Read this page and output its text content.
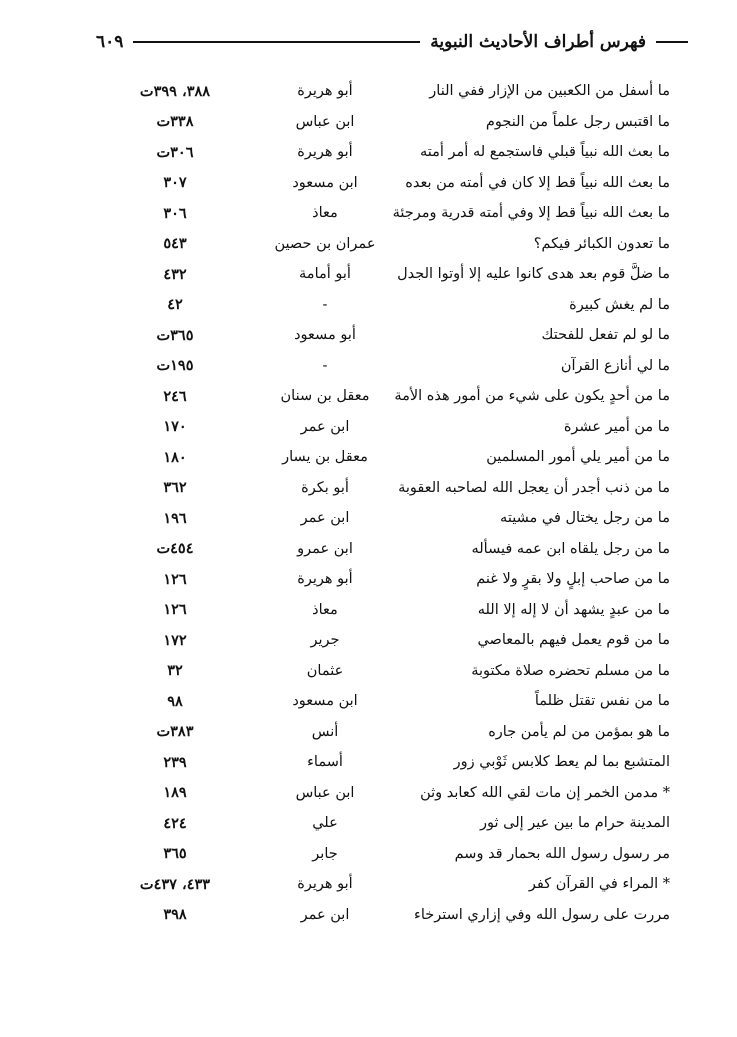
فهرس أطراف الأحاديث النبوية
٦٠٩
ما أسفل من الكعبين من الإزار ففي النار
أبو هريرة
٣٨٨، ٣٩٩ت
ما اقتبس رجل علماً من النجوم
ابن عباس
٣٣٨ت
ما بعث الله نبياً قبلي فاستجمع له أمر أمته
أبو هريرة
٣٠٦ت
ما بعث الله نبياً قط إلا كان في أمته من بعده
ابن مسعود
٣٠٧
ما بعث الله نبياً قط إلا وفي أمته قدرية ومرجئة
معاذ
٣٠٦
ما تعدون الكبائر فيكم؟
عمران بن حصين
٥٤٣
ما ضلَّ قوم بعد هدى كانوا عليه إلا أوتوا الجدل
أبو أمامة
٤٣٢
ما لم يغش كبيرة
-
٤٢
ما لو لم تفعل للفحتك
أبو مسعود
٣٦٥ت
ما لي أنازع القرآن
-
١٩٥ت
ما من أحدٍ يكون على شيء من أمور هذه الأمة
معقل بن سنان
٢٤٦
ما من أمير عشرة
ابن عمر
١٧٠
ما من أمير يلي أمور المسلمين
معقل بن يسار
١٨٠
ما من ذنب أجدر أن يعجل الله لصاحبه العقوبة
أبو بكرة
٣٦٢
ما من رجل يختال في مشيته
ابن عمر
١٩٦
ما من رجل يلقاه ابن عمه فيسأله
ابن عمرو
٤٥٤ت
ما من صاحب إبلٍ ولا بقرٍ ولا غنم
أبو هريرة
١٢٦
ما من عبدٍ يشهد أن لا إله إلا الله
معاذ
١٢٦
ما من قوم يعمل فيهم بالمعاصي
جرير
١٧٢
ما من مسلم تحضره صلاة مكتوبة
عثمان
٣٢
ما من نفس تقتل ظلماً
ابن مسعود
٩٨
ما هو بمؤمن من لم يأمن جاره
أنس
٣٨٣ت
المتشبع بما لم يعط كلابس ثَوْبي زور
أسماء
٢٣٩
* مدمن الخمر إن مات لقي الله كعابد وثن
ابن عباس
١٨٩
المدينة حرام ما بين عير إلى ثور
علي
٤٢٤
مر رسول رسول الله بحمار قد وسم
جابر
٣٦٥
* المراء في القرآن كفر
أبو هريرة
٤٣٣، ٤٣٧ت
مررت على رسول الله وفي إزاري استرخاء
ابن عمر
٣٩٨
